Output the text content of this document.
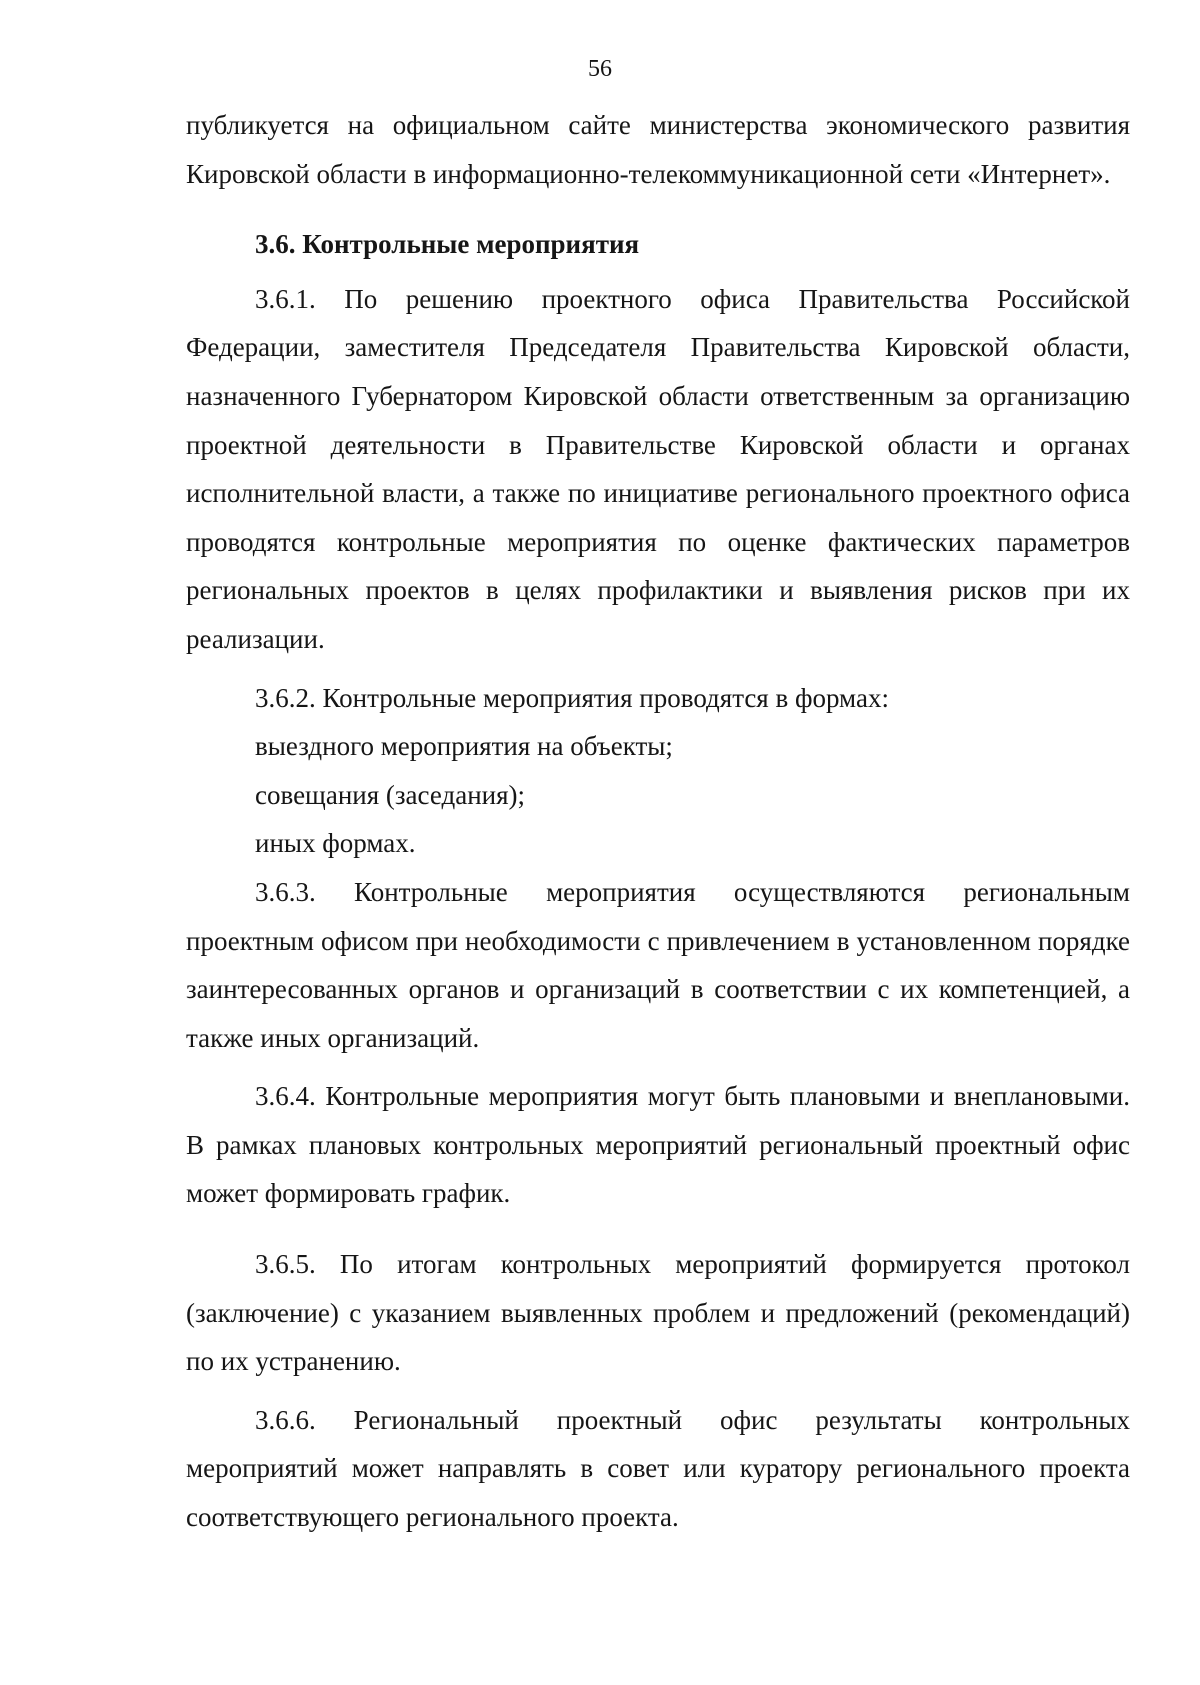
56

публикуется на официальном сайте министерства экономического развития Кировской области в информационно-телекоммуникационной сети «Интернет».

3.6. Контрольные мероприятия

3.6.1. По решению проектного офиса Правительства Российской Федерации, заместителя Председателя Правительства Кировской области, назначенного Губернатором Кировской области ответственным за организацию проектной деятельности в Правительстве Кировской области и органах исполнительной власти, а также по инициативе регионального проектного офиса проводятся контрольные мероприятия по оценке фактических параметров региональных проектов в целях профилактики и выявления рисков при их реализации.

3.6.2. Контрольные мероприятия проводятся в формах:

выездного мероприятия на объекты;

совещания (заседания);

иных формах.

3.6.3. Контрольные мероприятия осуществляются региональным проектным офисом при необходимости с привлечением в установленном порядке заинтересованных органов и организаций в соответствии с их компетенцией, а также иных организаций.

3.6.4. Контрольные мероприятия могут быть плановыми и внеплановыми. В рамках плановых контрольных мероприятий региональный проектный офис может формировать график.

3.6.5. По итогам контрольных мероприятий формируется протокол (заключение) с указанием выявленных проблем и предложений (рекомендаций) по их устранению.

3.6.6. Региональный проектный офис результаты контрольных мероприятий может направлять в совет или куратору регионального проекта соответствующего регионального проекта.
